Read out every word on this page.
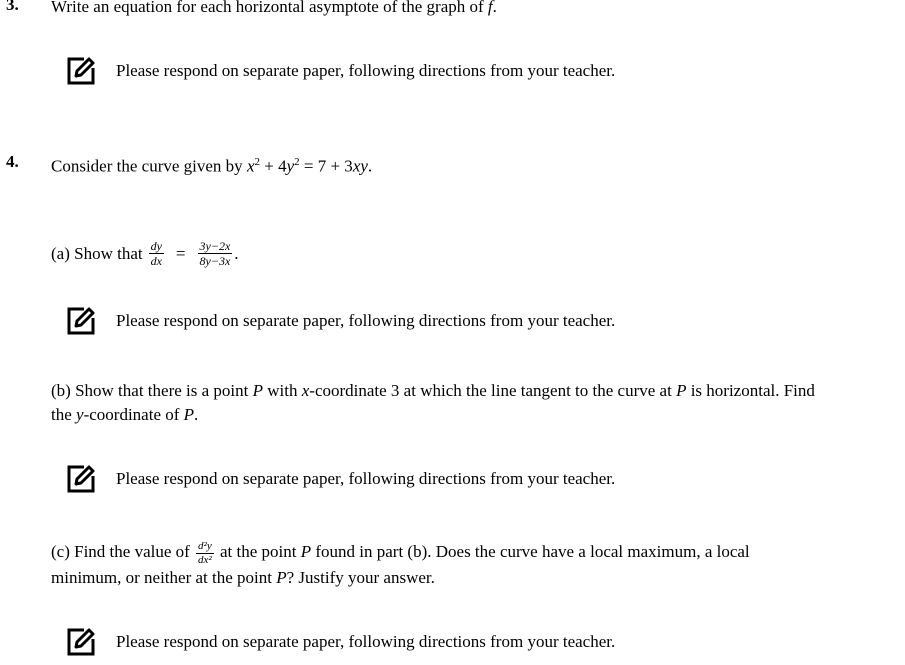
3. Write an equation for each horizontal asymptote of the graph of f.
Please respond on separate paper, following directions from your teacher.
4. Consider the curve given by $x^2 + 4y^2 = 7 + 3xy$.
(a) Show that $\frac{dy}{dx} = \frac{3y-2x}{8y-3x}$ .
Please respond on separate paper, following directions from your teacher.
(b) Show that there is a point P with x-coordinate 3 at which the line tangent to the curve at P is horizontal. Find
the y-coordinate of P.
Please respond on separate paper, following directions from your teacher.
(c) Find the value of $\frac{\text{d²y}}{\text{dx²}}$ at the point P found in part (b). Does the curve have a local maximum, a local
minimum, or neither at the point P? Justify your answer.
Please respond on separate paper, following directions from your teacher.
